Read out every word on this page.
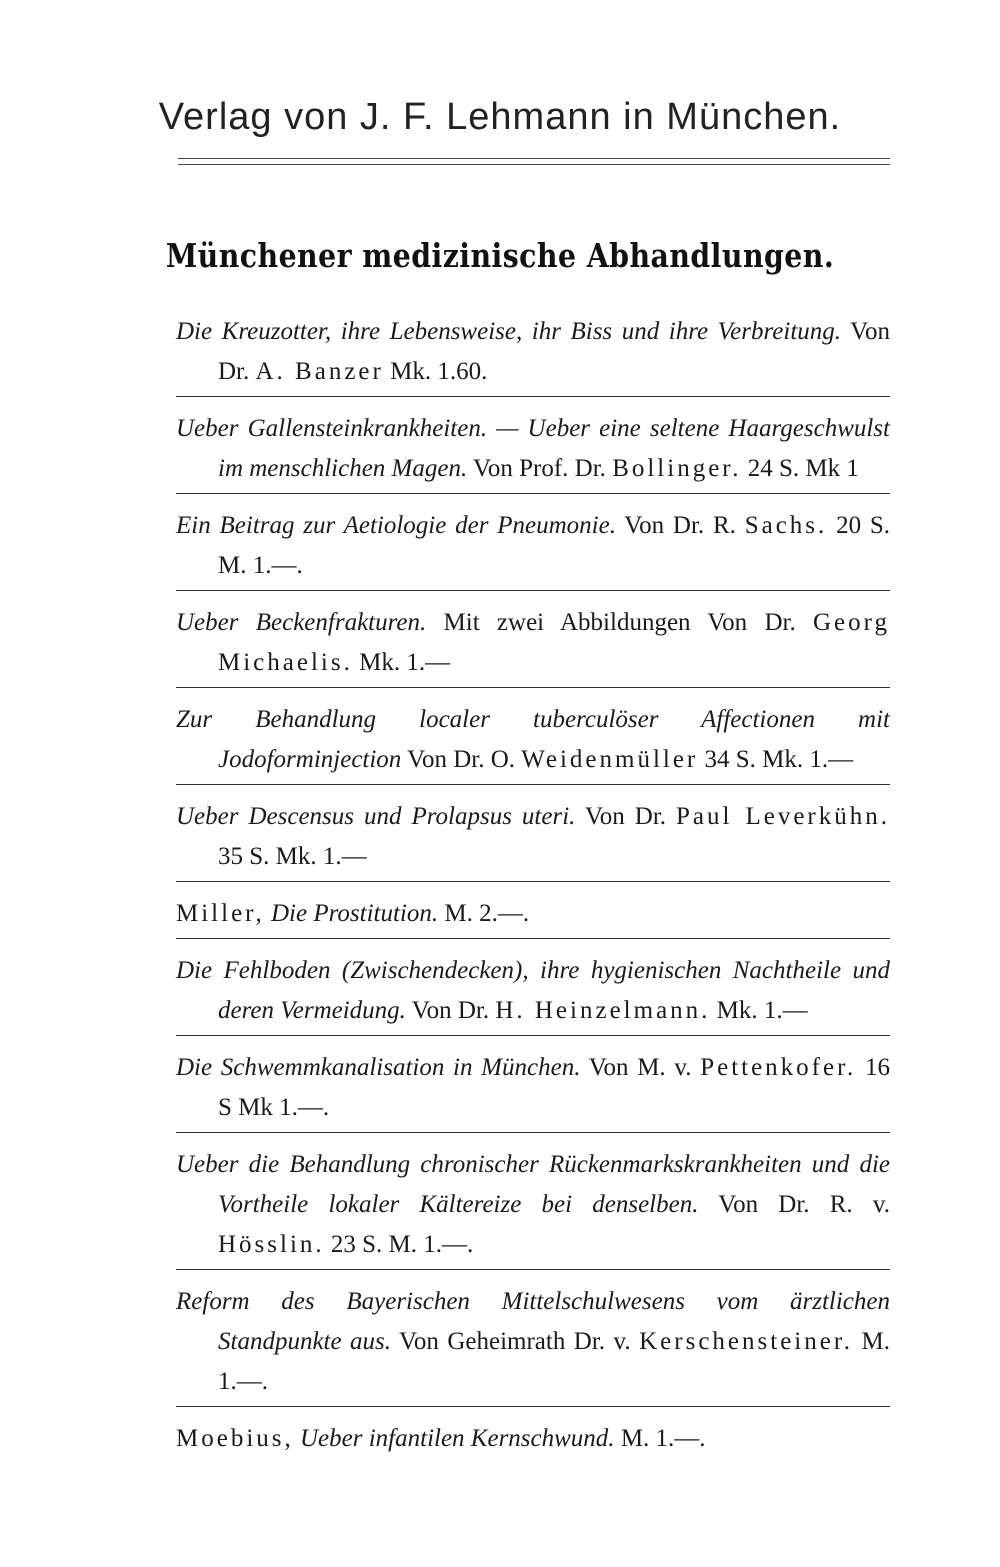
Verlag von J. F. Lehmann in München.
Münchener medizinische Abhandlungen.
Die Kreuzotter, ihre Lebensweise, ihr Biss und ihre Verbreitung. Von Dr. A. Banzer Mk. 1.60.
Ueber Gallensteinkrankheiten. — Ueber eine seltene Haargeschwulst im menschlichen Magen. Von Prof. Dr. Bollinger. 24 S. Mk 1
Ein Beitrag zur Aetiologie der Pneumonie. Von Dr. R. Sachs. 20 S. M. 1.—.
Ueber Beckenfrakturen. Mit zwei Abbildungen Von Dr. Georg Michaelis. Mk. 1.—
Zur Behandlung localer tuberculöser Affectionen mit Jodoforminjection Von Dr. O. Weidenmüller 34 S. Mk. 1.—
Ueber Descensus und Prolapsus uteri. Von Dr. Paul Leverkühn. 35 S. Mk. 1.—
Miller, Die Prostitution. M. 2.—.
Die Fehlboden (Zwischendecken), ihre hygienischen Nachtheile und deren Vermeidung. Von Dr. H. Heinzelmann. Mk. 1.—
Die Schwemmkanalisation in München. Von M. v. Pettenkofer. 16 S Mk 1.—.
Ueber die Behandlung chronischer Rückenmarkskrankheiten und die Vortheile lokaler Kältereize bei denselben. Von Dr. R. v. Hösslin. 23 S. M. 1.—.
Reform des Bayerischen Mittelschulwesens vom ärztlichen Standpunkte aus. Von Geheimrath Dr. v. Kerschensteiner. M. 1.—.
Moebius, Ueber infantilen Kernschwund. M. 1.—.
